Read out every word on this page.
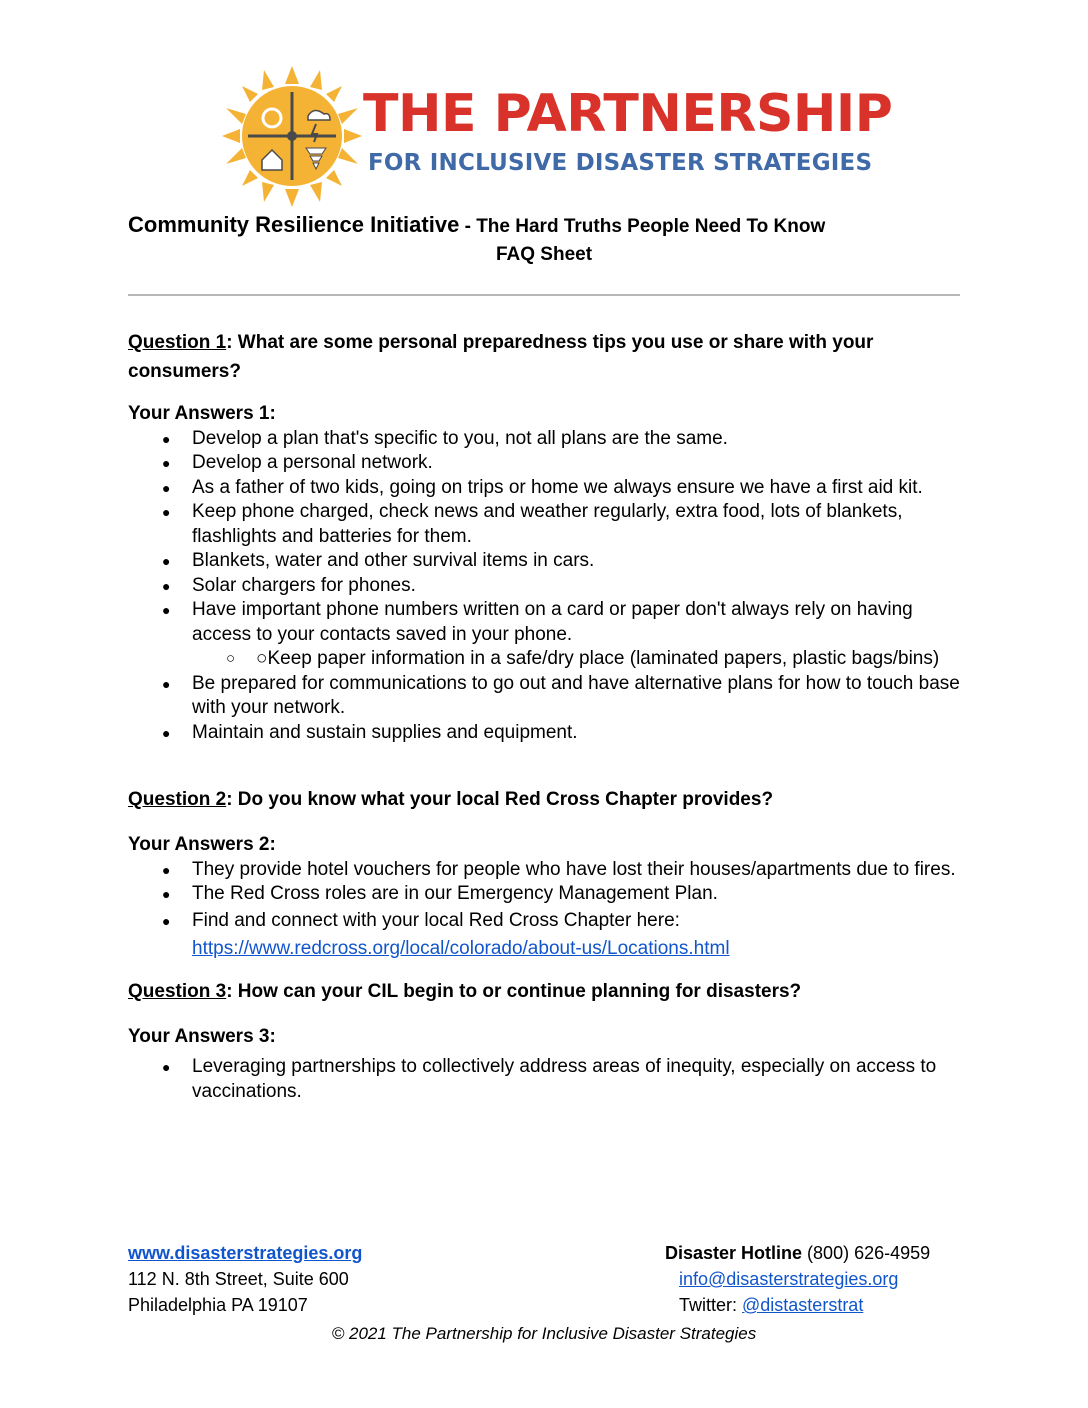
THE PARTNERSHIP
FOR INCLUSIVE DISASTER STRATEGIES
Community Resilience Initiative - The Hard Truths People Need To Know
FAQ Sheet

Question 1: What are some personal preparedness tips you use or share with your consumers?

Your Answers 1:

● Develop a plan that's specific to you, not all plans are the same.
● Develop a personal network.
● As a father of two kids, going on trips or home we always ensure we have a first aid kit.
● Keep phone charged, check news and weather regularly, extra food, lots of blankets, flashlights and batteries for them.
● Blankets, water and other survival items in cars.
● Solar chargers for phones.
● Have important phone numbers written on a card or paper don't always rely on having access to your contacts saved in your phone.
○ ○ Keep paper information in a safe/dry place (laminated papers, plastic bags/bins)
● Be prepared for communications to go out and have alternative plans for how to touch base with your network.
● Maintain and sustain supplies and equipment.

Question 2: Do you know what your local Red Cross Chapter provides?

Your Answers 2:

● They provide hotel vouchers for people who have lost their houses/apartments due to fires.
● The Red Cross roles are in our Emergency Management Plan.
● Find and connect with your local Red Cross Chapter here:
https://www.redcross.org/local/colorado/about-us/Locations.html

Question 3: How can your CIL begin to or continue planning for disasters?

Your Answers 3:

● Leveraging partnerships to collectively address areas of inequity, especially on access to vaccinations.
www.disasterstrategies.org
112 N. 8th Street, Suite 600
Philadelphia PA 19107
Disaster Hotline (800) 626-4959
info@disasterstrategies.org
Twitter: @distasterstrat
© 2021 The Partnership for Inclusive Disaster Strategies
